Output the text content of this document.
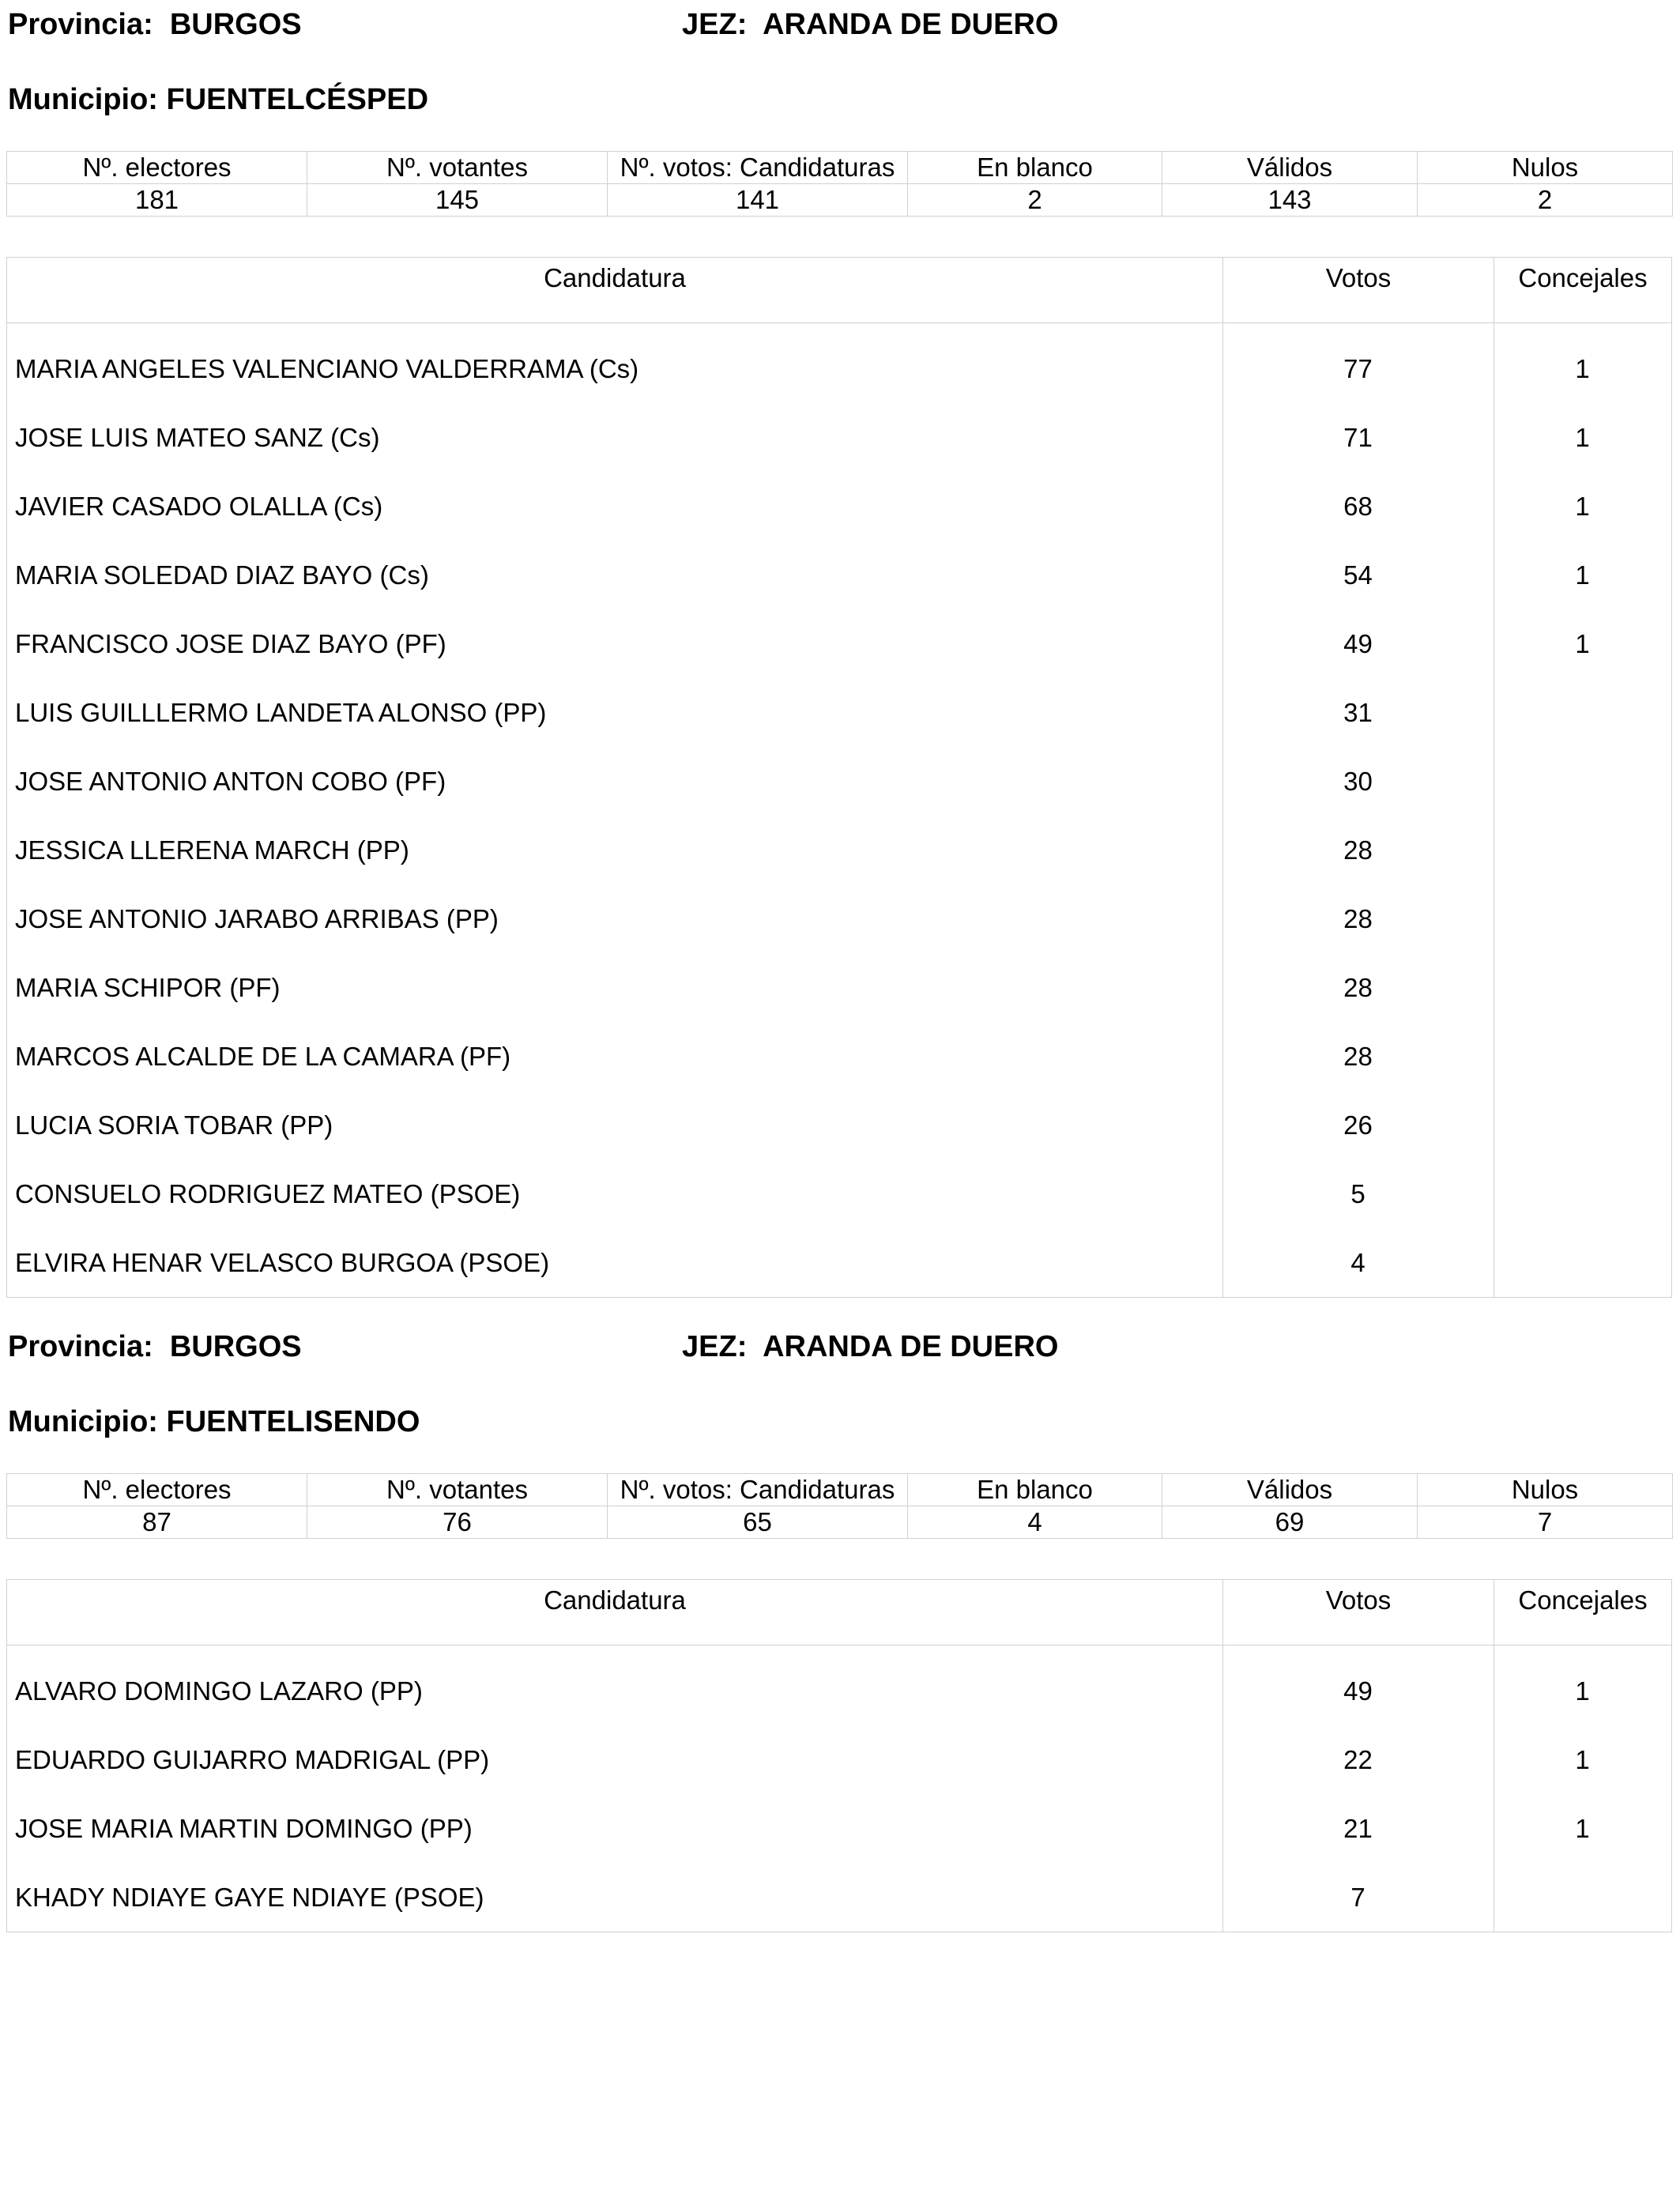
Provincia: BURGOS	JEZ: ARANDA DE DUERO
Municipio: FUENTELCÉSPED
Nº. electores	Nº. votantes	Nº. votos: Candidaturas	En blanco	Válidos	Nulos
181	145	141	2	143	2
Candidatura	Votos	Concejales
MARIA ANGELES VALENCIANO VALDERRAMA (Cs)	77	1
JOSE LUIS MATEO SANZ (Cs)	71	1
JAVIER CASADO OLALLA (Cs)	68	1
MARIA SOLEDAD DIAZ BAYO (Cs)	54	1
FRANCISCO JOSE DIAZ BAYO (PF)	49	1
LUIS GUILLLERMO LANDETA ALONSO (PP)	31
JOSE ANTONIO ANTON COBO (PF)	30
JESSICA LLERENA MARCH (PP)	28
JOSE ANTONIO JARABO ARRIBAS (PP)	28
MARIA SCHIPOR (PF)	28
MARCOS ALCALDE DE LA CAMARA (PF)	28
LUCIA SORIA TOBAR (PP)	26
CONSUELO RODRIGUEZ MATEO (PSOE)	5
ELVIRA HENAR VELASCO BURGOA (PSOE)	4
Provincia: BURGOS	JEZ: ARANDA DE DUERO
Municipio: FUENTELISENDO
Nº. electores	Nº. votantes	Nº. votos: Candidaturas	En blanco	Válidos	Nulos
87	76	65	4	69	7
Candidatura	Votos	Concejales
ALVARO DOMINGO LAZARO (PP)	49	1
EDUARDO GUIJARRO MADRIGAL (PP)	22	1
JOSE MARIA MARTIN DOMINGO (PP)	21	1
KHADY NDIAYE GAYE NDIAYE (PSOE)	7
